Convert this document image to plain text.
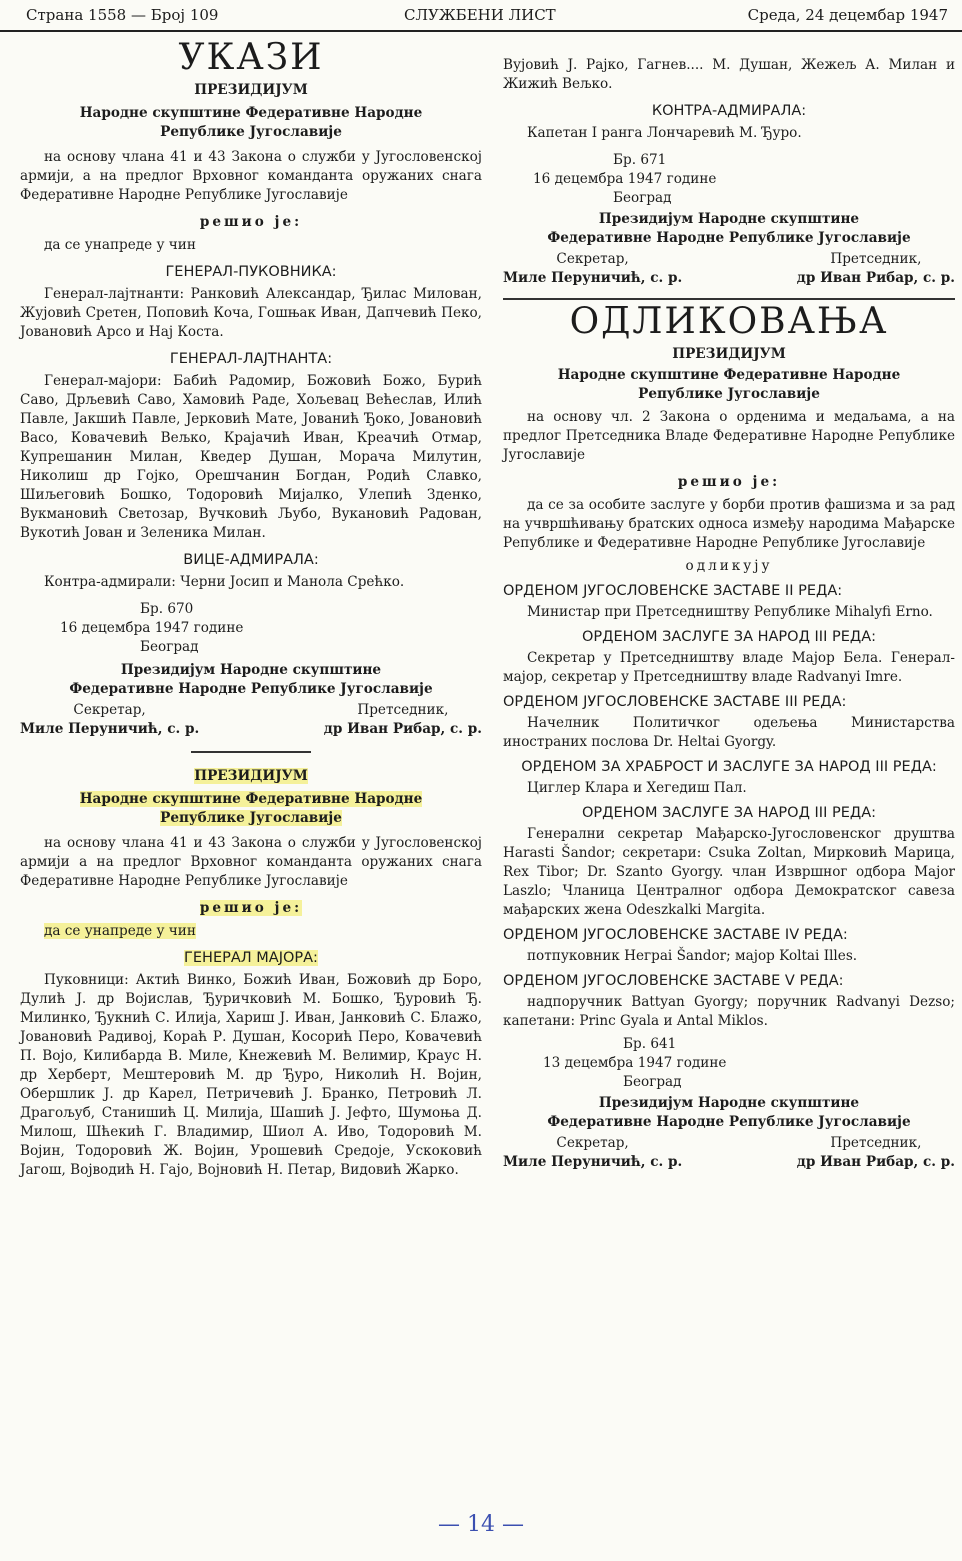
Страна 1558 — Број 109	СЛУЖБЕНИ ЛИСТ	Среда, 24 децембар 1947
УКАЗИ

ПРЕЗИДИЈУМ

Народне скупштине Федеративне Народне Републике Југославије

на основу члана 41 и 43 Закона о служби у Југословенској армији, а на предлог Врховног команданта оружаних снага Федеративне Народне Републике Југославије

решио је:

да се унапреде у чин

ГЕНЕРАЛ-ПУКОВНИКА:

Генерал-лајтнанти: Ранковић Александар, Ђилас Милован, Жујовић Сретен, Поповић Коча, Гошњак Иван, Дапчевић Пеко, Јовановић Арсо и Нај Коста.

ГЕНЕРАЛ-ЛАЈТНАНТА:

Генерал-мајори: Бабић Радомир, Божовић Божо, Бурић Саво, Дрљевић Саво, Хамовић Раде, Хољевац Већеслав, Илић Павле, Јакшић Павле, Јерковић Мате, Јованић Ђоко, Јовановић Васо, Ковачевић Вељко, Крајачић Иван, Креачић Отмар, Купрешанин Милан, Кведер Душан, Морача Милутин, Николиш др Гојко, Орешчанин Богдан, Родић Славко, Шиљеговић Бошко, Тодоровић Мијалко, Улепић Зденко, Вукмановић Светозар, Вучковић Љубо, Вукановић Радован, Вукотић Јован и Зеленика Милан.

ВИЦЕ-АДМИРАЛА:

Контра-адмирали: Черни Јосип и Манола Срећко.

Бр. 670

16 децембра 1947 године

Београд

Президијум Народне скупштине

Федеративне Народне Републике Југославије

Секретар,
Миле Перуничић, с. р.
Претседник,
др Иван Рибар, с. р.

ПРЕЗИДИЈУМ

Народне скупштине Федеративне Народне Републике Југославије

на основу члана 41 и 43 Закона о служби у Југословенској армији а на предлог Врховног команданта оружаних снага Федеративне Народне Републике Југославије

решио је:

да се унапреде у чин

ГЕНЕРАЛ МАЈОРА:

Пуковници: Актић Винко, Божић Иван, Божовић др Боро, Дулић Ј. др Војислав, Ђуричковић М. Бошко, Ђуровић Ђ. Милинко, Ђукнић С. Илија, Хариш Ј. Иван, Јанковић С. Блажо, Јовановић Радивој, Кораћ Р. Душан, Косорић Перо, Ковачевић П. Војо, Килибарда В. Миле, Кнежевић М. Велимир, Краус Н. др Херберт, Мештеровић М. др Ђуро, Николић Н. Војин, Обершлик Ј. др Карел, Петричевић Ј. Бранко, Петровић Л. Драгољуб, Станишић Ц. Милија, Шашић Ј. Јефто, Шумоња Д. Милош, Шћекић Г. Владимир, Шиол А. Иво, Тодоровић М. Војин, Тодоровић Ж. Војин, Урошевић Средоје, Ускоковић Јагош, Војводић Н. Гајо, Војновић Н. Петар, Видовић Жарко.

Вујовић Ј. Рајко, Гагнев.... М. Душан, Жежељ А. Милан и Жижић Вељко.

КОНТРА-АДМИРАЛА:

Капетан I ранга Лончаревић М. Ђуро.

Бр. 671

16 децембра 1947 године

Београд

Президијум Народне скупштине

Федеративне Народне Републике Југославије

Секретар,
Миле Перуничић, с. р.
Претседник,
др Иван Рибар, с. р.
ОДЛИКОВАЊА

ПРЕЗИДИЈУМ

Народне скупштине Федеративне Народне Републике Југославије

на основу чл. 2 Закона о орденима и медаљама, а на предлог Претседника Владе Федеративне Народне Републике Југославије

решио је:

да се за особите заслуге у борби против фашизма и за рад на учвршћивању братских односа између народима Мађарске Републике и Федеративне Народне Републике Југославије

одликују

ОРДЕНОМ ЈУГОСЛОВЕНСКЕ ЗАСТАВЕ II РЕДА:

Министар при Претседништву Републике Mihalyfi Erno.

ОРДЕНОМ ЗАСЛУГЕ ЗА НАРОД III РЕДА:

Секретар у Претседништву владе Мајор Бела. Генерал-мајор, секретар у Претседништву владе Radvanyi Imre.

ОРДЕНОМ ЈУГОСЛОВЕНСКЕ ЗАСТАВЕ III РЕДА:

Начелник Политичког одељења Министарства иностраних послова Dr. Heltai Gyorgy.

ОРДЕНОМ ЗА ХРАБРОСТ И ЗАСЛУГЕ ЗА НАРОД III РЕДА:

Циглер Клара и Хегедиш Пал.

ОРДЕНОМ ЗАСЛУГЕ ЗА НАРОД III РЕДА:

Генерални секретар Мађарско-Југословенског друштва Harasti Šandor; секретари: Csuka Zoltan, Мирковић Марица, Rex Tibor; Dr. Szanto Gyorgy. члан Извршног одбора Major Laszlo; Чланица Централног одбора Демократског савеза мађарских жена Odeszkalki Margita.

ОРДЕНОМ ЈУГОСЛОВЕНСКЕ ЗАСТАВЕ IV РЕДА:

потпуковник Неграi Šandor; мајор Koltai Illes.

ОРДЕНОМ ЈУГОСЛОВЕНСКЕ ЗАСТАВЕ V РЕДА:

надпоручник Battyan Gyorgy; поручник Radvanyi Dezso; капетани: Princ Gyala и Antal Miklos.

Бр. 641

13 децембра 1947 године

Београд

Президијум Народне скупштине

Федеративне Народне Републике Југославије

Секретар,
Миле Перуничић, с. р.
Претседник,
др Иван Рибар, с. р.
— 14 —
